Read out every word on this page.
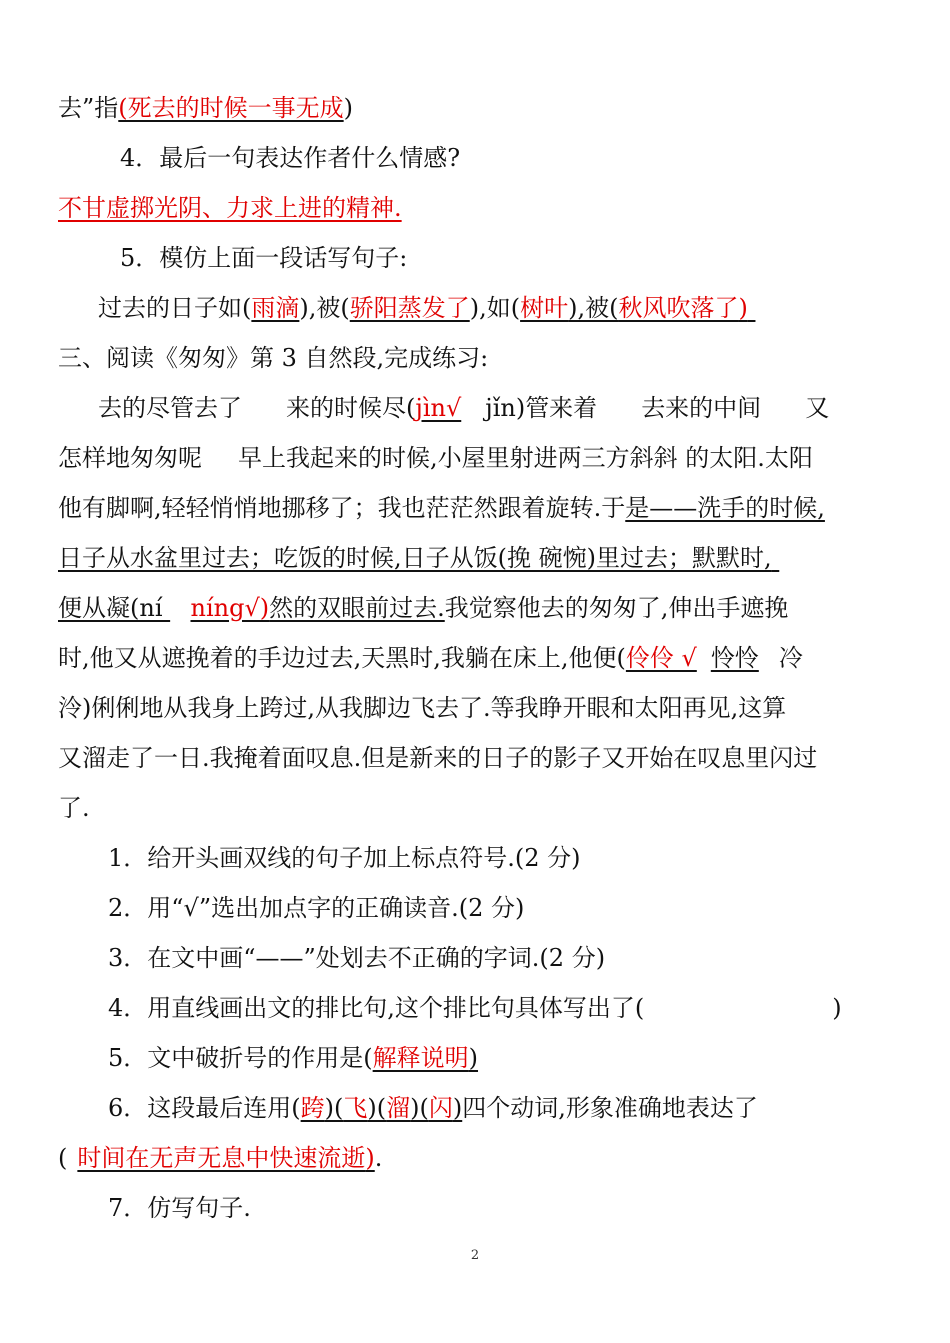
去”指(死去的时候一事无成)
4．最后一句表达作者什么情感?
不甘虚掷光阴、力求上进的精神.
5．模仿上面一段话写句子:
过去的日子如(雨滴),被(骄阳蒸发了),如(树叶),被(秋风吹落了)
三、阅读《匆匆》第 3 自然段,完成练习:
去的尽管去了 来的时候尽(jìn√ jǐn)管来着 去来的中间 又
怎样地匆匆呢 早上我起来的时候,小屋里射进两三方斜斜 的太阳.太阳
他有脚啊,轻轻悄悄地挪移了；我也茫茫然跟着旋转.于是——洗手的时候,
日子从水盆里过去；吃饭的时候,日子从饭(挽 碗惋)里过去；默默时,
便从凝(ní níng√)然的双眼前过去.我觉察他去的匆匆了,伸出手遮挽
时,他又从遮挽着的手边过去,天黑时,我躺在床上,他便(伶伶 √ 怜怜 冷
泠)俐俐地从我身上跨过,从我脚边飞去了.等我睁开眼和太阳再见,这算
又溜走了一日.我掩着面叹息.但是新来的日子的影子又开始在叹息里闪过
了.
1．给开头画双线的句子加上标点符号.(2 分)
2．用“√”选出加点字的正确读音.(2 分)
3．在文中画“——”处划去不正确的字词.(2 分)
4．用直线画出文的排比句,这个排比句具体写出了(	)
5．文中破折号的作用是(解释说明)
6．这段最后连用(跨)(飞)(溜)(闪)四个动词,形象准确地表达了
( 时间在无声无息中快速流逝).
7．仿写句子.
2
